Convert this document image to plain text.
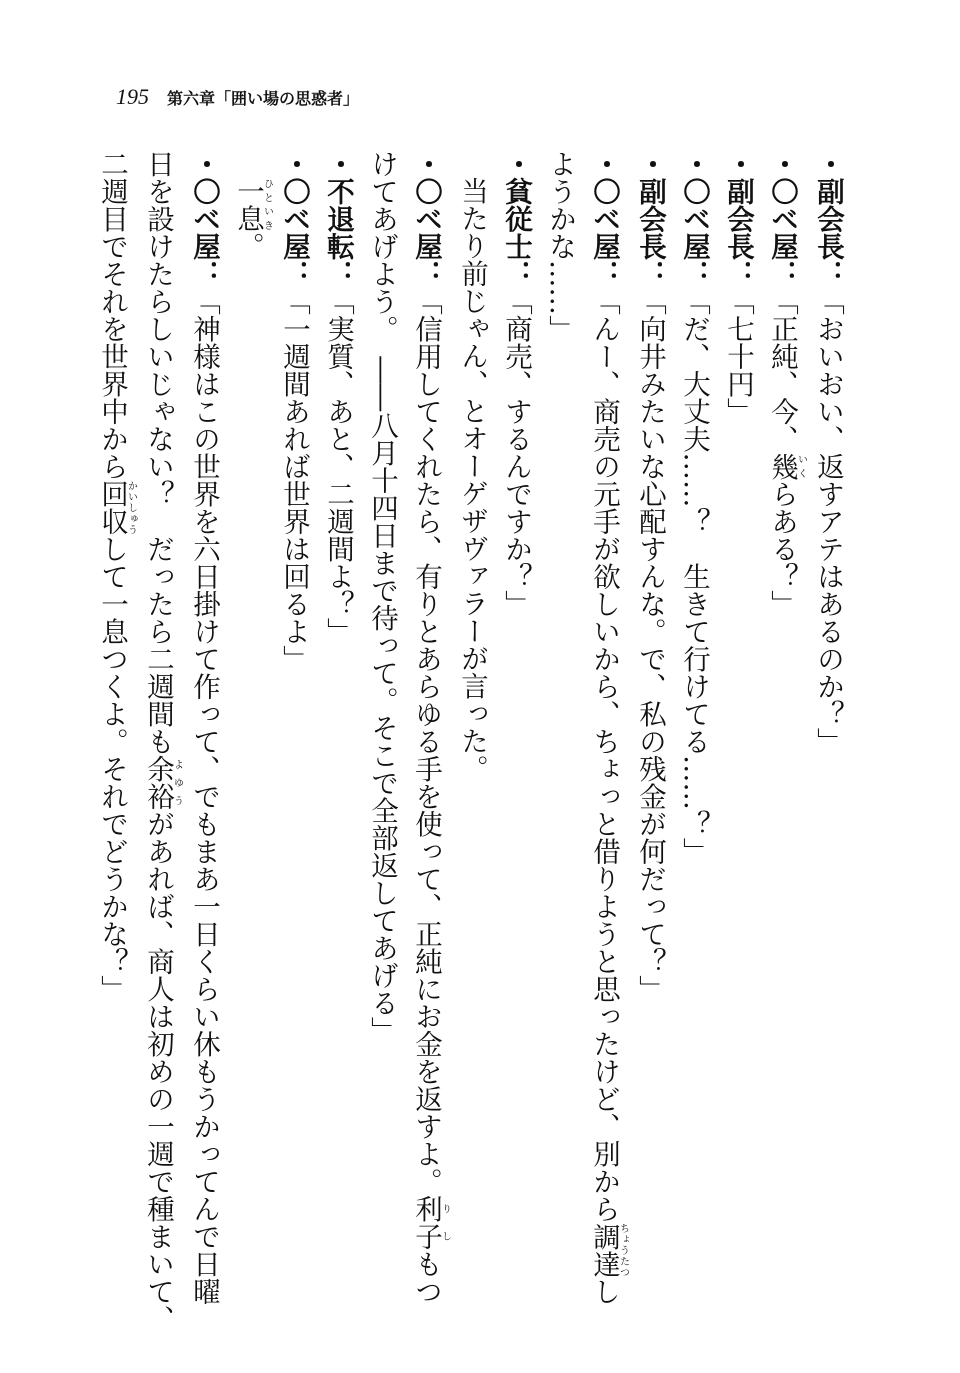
195 第六章「囲い場の思惑者」
・副会長：「おいおい、返すアテはあるのか？」
・〇ベ屋：「正純、今、幾いくらある？」
・副会長：「七十円」
・〇ベ屋：「だ、大丈夫……？　生きて行けてる……？」
・副会長：「向井みたいな心配すんな。で、私の残金が何だって？」
・〇ベ屋：「んー、商売の元手が欲しいから、ちょっと借りようと思ったけど、別から調達ちょうたつし
ようかな……」
・貧従士：「商売、するんですか？」
当たり前じゃん、とオーゲザヴァラーが言った。
・〇ベ屋：「信用してくれたら、有りとあらゆる手を使って、正純にお金を返すよ。利子りしもつ
けてあげよう。　――八月十四日まで待って。そこで全部返してあげる」
・不退転：「実質、あと、二週間よ？」
・〇ベ屋：「一週間あれば世界は回るよ」
一息ひといき。
・〇ベ屋：「神様はこの世界を六日掛けて作って、でもまあ一日くらい休もうかってんで日曜
日を設けたらしいじゃない？　だったら二週間も余裕よゆうがあれば、商人は初めの一週で種まいて、
二週目でそれを世界中から回収かいしゅうして一息つくよ。それでどうかな？」
